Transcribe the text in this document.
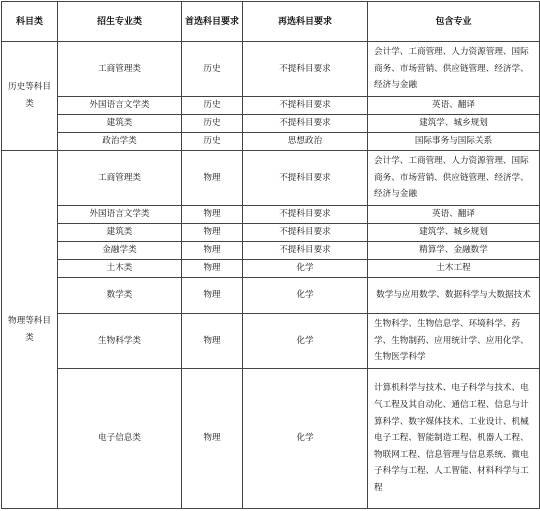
科目类	招生专业类	首选科目要求	再选科目要求	包含专业
历史等科目类	工商管理类	历史	不提科目要求	会计学、工商管理、人力资源管理、国际商务、市场营销、供应链管理、经济学、经济与金融
	外国语言文学类	历史	不提科目要求	英语、翻译
	建筑类	历史	不提科目要求	建筑学、城乡规划
	政治学类	历史	思想政治	国际事务与国际关系
物理等科目类	工商管理类	物理	不提科目要求	会计学、工商管理、人力资源管理、国际商务、市场营销、供应链管理、经济学、经济与金融
	外国语言文学类	物理	不提科目要求	英语、翻译
	建筑类	物理	不提科目要求	建筑学、城乡规划
	金融学类	物理	不提科目要求	精算学、金融数学
	土木类	物理	化学	土木工程
	数学类	物理	化学	数学与应用数学、数据科学与大数据技术
	生物科学类	物理	化学	生物科学、生物信息学、环境科学、药学、生物制药、应用统计学、应用化学、生物医学科学
	电子信息类	物理	化学	计算机科学与技术、电子科学与技术、电气工程及其自动化、通信工程、信息与计算科学、数字媒体技术、工业设计、机械电子工程、智能制造工程、机器人工程、物联网工程、信息管理与信息系统、微电子科学与工程、人工智能、材料科学与工程
